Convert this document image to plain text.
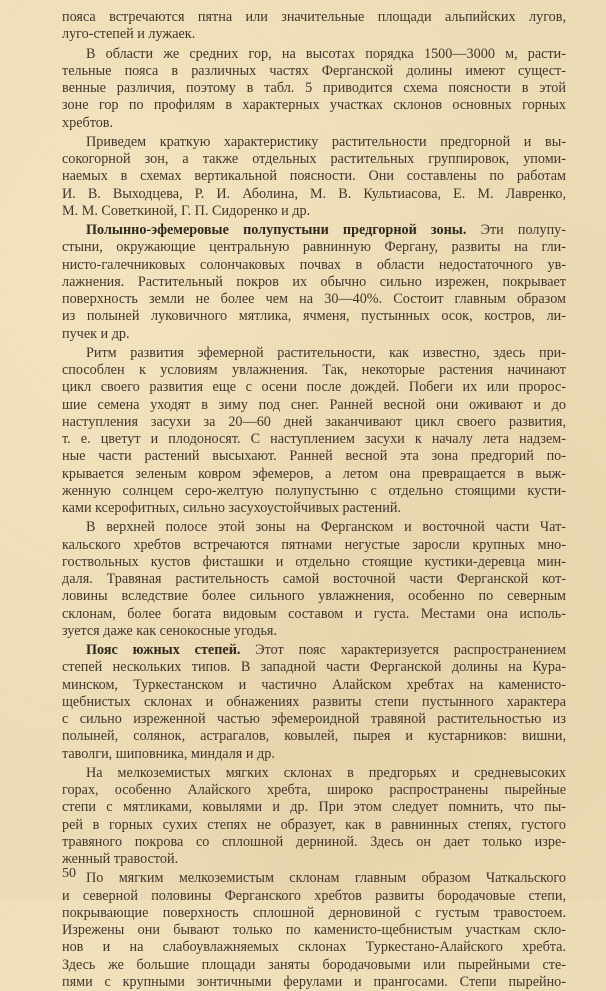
пояса встречаются пятна или значительные площади альпийских лугов,
луго-степей и лужаек.
В области же средних гор, на высотах порядка 1500—3000 м, расти-
тельные пояса в различных частях Ферганской долины имеют сущест-
венные различия, поэтому в табл. 5 приводится схема поясности в этой
зоне гор по профилям в характерных участках склонов основных горных
хребтов.
Приведем краткую характеристику растительности предгорной и вы-
сокогорной зон, а также отдельных растительных группировок, упоми-
наемых в схемах вертикальной поясности. Они составлены по работам
И. В. Выходцева, Р. И. Аболина, М. В. Культиасова, Е. М. Лавренко,
М. М. Советкиной, Г. П. Сидоренко и др.
Полынно-эфемеровые полупустыни предгорной зоны. Эти полупу-
стыни, окружающие центральную равнинную Фергану, развиты на гли-
нисто-галечниковых солончаковых почвах в области недостаточного ув-
лажнения. Растительный покров их обычно сильно изрежен, покрывает
поверхность земли не более чем на 30—40%. Состоит главным образом
из полыней луковичного мятлика, ячменя, пустынных осок, костров, ли-
пучек и др.
Ритм развития эфемерной растительности, как известно, здесь при-
способлен к условиям увлажнения. Так, некоторые растения начинают
цикл своего развития еще с осени после дождей. Побеги их или пророс-
шие семена уходят в зиму под снег. Ранней весной они оживают и до
наступления засухи за 20—60 дней заканчивают цикл своего развития,
т. е. цветут и плодоносят. С наступлением засухи к началу лета надзем-
ные части растений высыхают. Ранней весной эта зона предгорий по-
крывается зеленым ковром эфемеров, а летом она превращается в выж-
женную солнцем серо-желтую полупустыню с отдельно стоящими кусти-
ками ксерофитных, сильно засухоустойчивых растений.
В верхней полосе этой зоны на Ферганском и восточной части Чат-
кальского хребтов встречаются пятнами негустые заросли крупных мно-
гоствольных кустов фисташки и отдельно стоящие кустики-деревца мин-
даля. Травяная растительность самой восточной части Ферганской кот-
ловины вследствие более сильного увлажнения, особенно по северным
склонам, более богата видовым составом и густа. Местами она исполь-
зуется даже как сенокосные угодья.
Пояс южных степей. Этот пояс характеризуется распространением
степей нескольких типов. В западной части Ферганской долины на Кура-
минском, Туркестанском и частично Алайском хребтах на каменисто-
щебнистых склонах и обнажениях развиты степи пустынного характера
с сильно изреженной частью эфемероидной травяной растительностью из
полыней, солянок, астрагалов, ковылей, пырея и кустарников: вишни,
таволги, шиповника, миндаля и др.
На мелкоземистых мягких склонах в предгорьях и средневысоких
горах, особенно Алайского хребта, широко распространены пырейные
степи с мятликами, ковылями и др. При этом следует помнить, что пы-
рей в горных сухих степях не образует, как в равнинных степях, густого
травяного покрова со сплошной дерниной. Здесь он дает только изре-
женный травостой.
По мягким мелкоземистым склонам главным образом Чаткальского
и северной половины Ферганского хребтов развиты бородачовые степи,
покрывающие поверхность сплошной дерновиной с густым травостоем.
Изрежены они бывают только по каменисто-щебнистым участкам скло-
нов и на слабоувлажняемых склонах Туркестано-Алайского хребта.
Здесь же большие площади заняты бородачовыми или пырейными сте-
пями с крупными зонтичными ферулами и прангосами. Степи пырейно-
50
